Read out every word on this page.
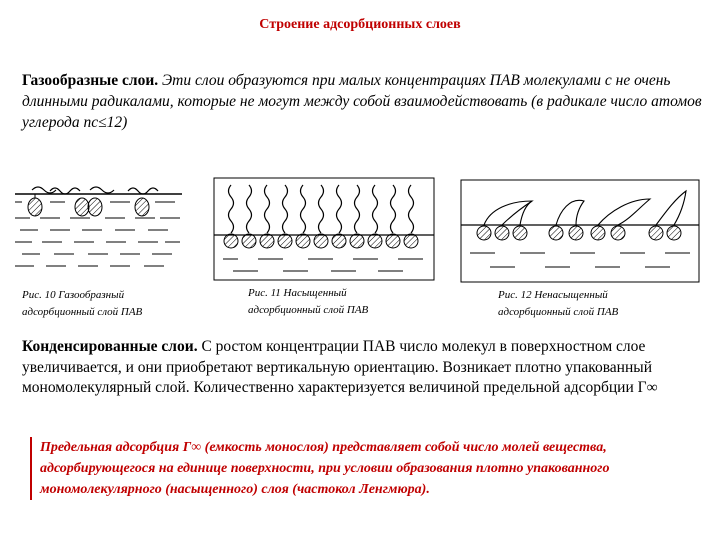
Строение адсорбционных слоев
Газообразные слои. Эти слои образуются при малых концентрациях ПАВ молекулами с не очень длинными радикалами, которые не могут между собой взаимодействовать (в радикале число атомов углерода nc≤12)
Рис. 10 Газообразный
адсорбционный слой ПАВ
Рис. 11 Насыщенный
адсорбционный слой ПАВ
Рис. 12 Ненасыщенный
адсорбционный слой ПАВ
Конденсированные слои. С ростом концентрации ПАВ число молекул в поверхностном слое увеличивается, и они приобретают вертикальную ориентацию. Возникает плотно упакованный мономолекулярный слой. Количественно характеризуется величиной предельной адсорбции Г∞
Предельная адсорбция Г∞ (емкость монослоя) представляет собой число молей вещества, адсорбирующегося на единице поверхности, при условии образования плотно упакованного мономолекулярного (насыщенного) слоя (частокол Ленгмюра).
